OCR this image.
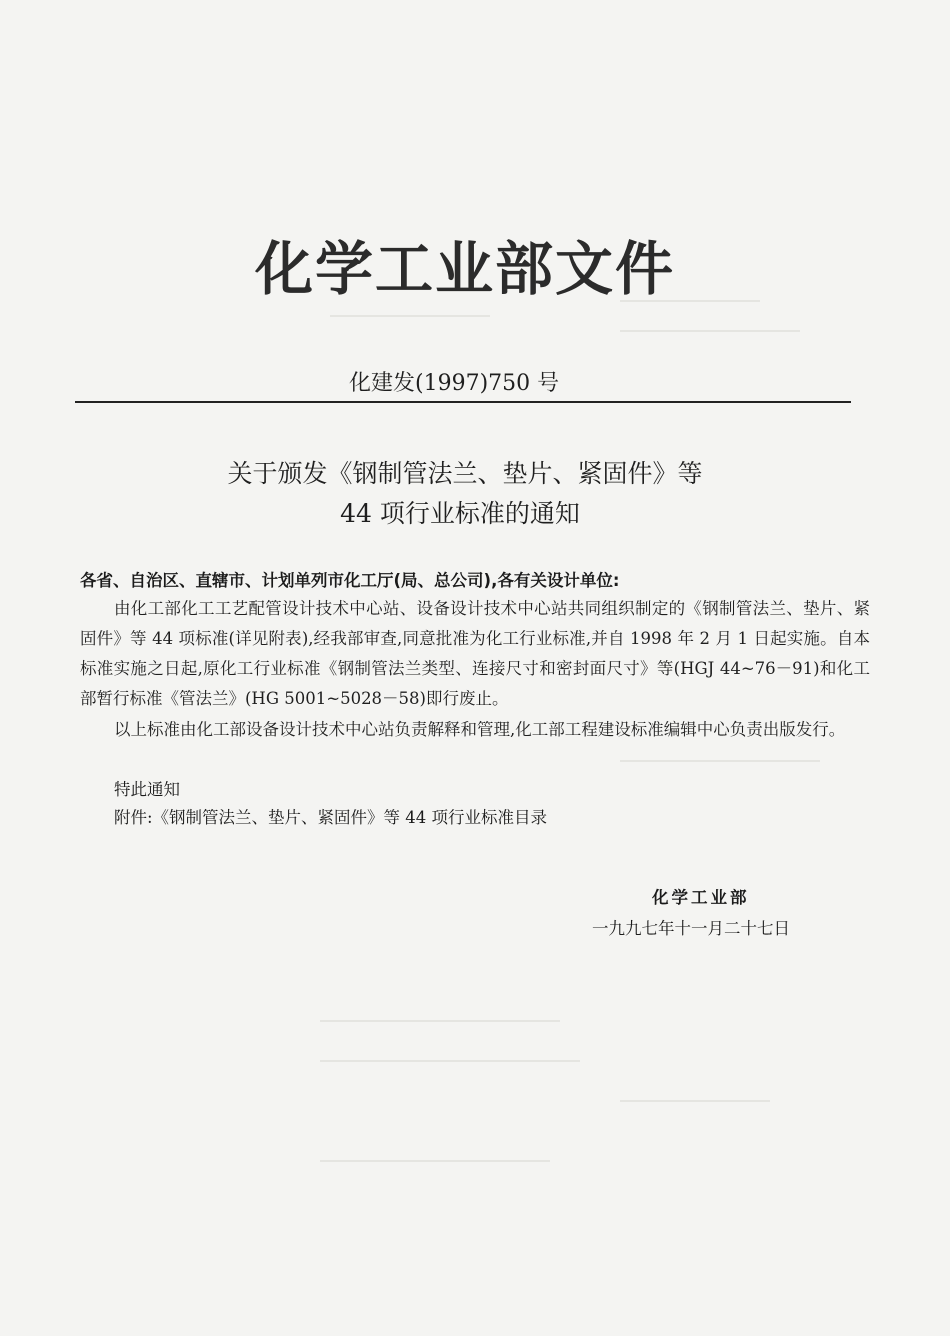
化学工业部文件
化建发(1997)750 号
关于颁发《钢制管法兰、垫片、紧固件》等
44 项行业标准的通知
各省、自治区、直辖市、计划单列市化工厅(局、总公司),各有关设计单位:
由化工部化工工艺配管设计技术中心站、设备设计技术中心站共同组织制定的《钢制管法兰、垫片、紧固件》等 44 项标准(详见附表),经我部审查,同意批准为化工行业标准,并自 1998 年 2 月 1 日起实施。自本标准实施之日起,原化工行业标准《钢制管法兰类型、连接尺寸和密封面尺寸》等(HGJ 44~76－91)和化工部暂行标准《管法兰》(HG 5001~5028－58)即行废止。
以上标准由化工部设备设计技术中心站负责解释和管理,化工部工程建设标准编辑中心负责出版发行。
特此通知
附件:《钢制管法兰、垫片、紧固件》等 44 项行业标准目录
化学工业部
一九九七年十一月二十七日
